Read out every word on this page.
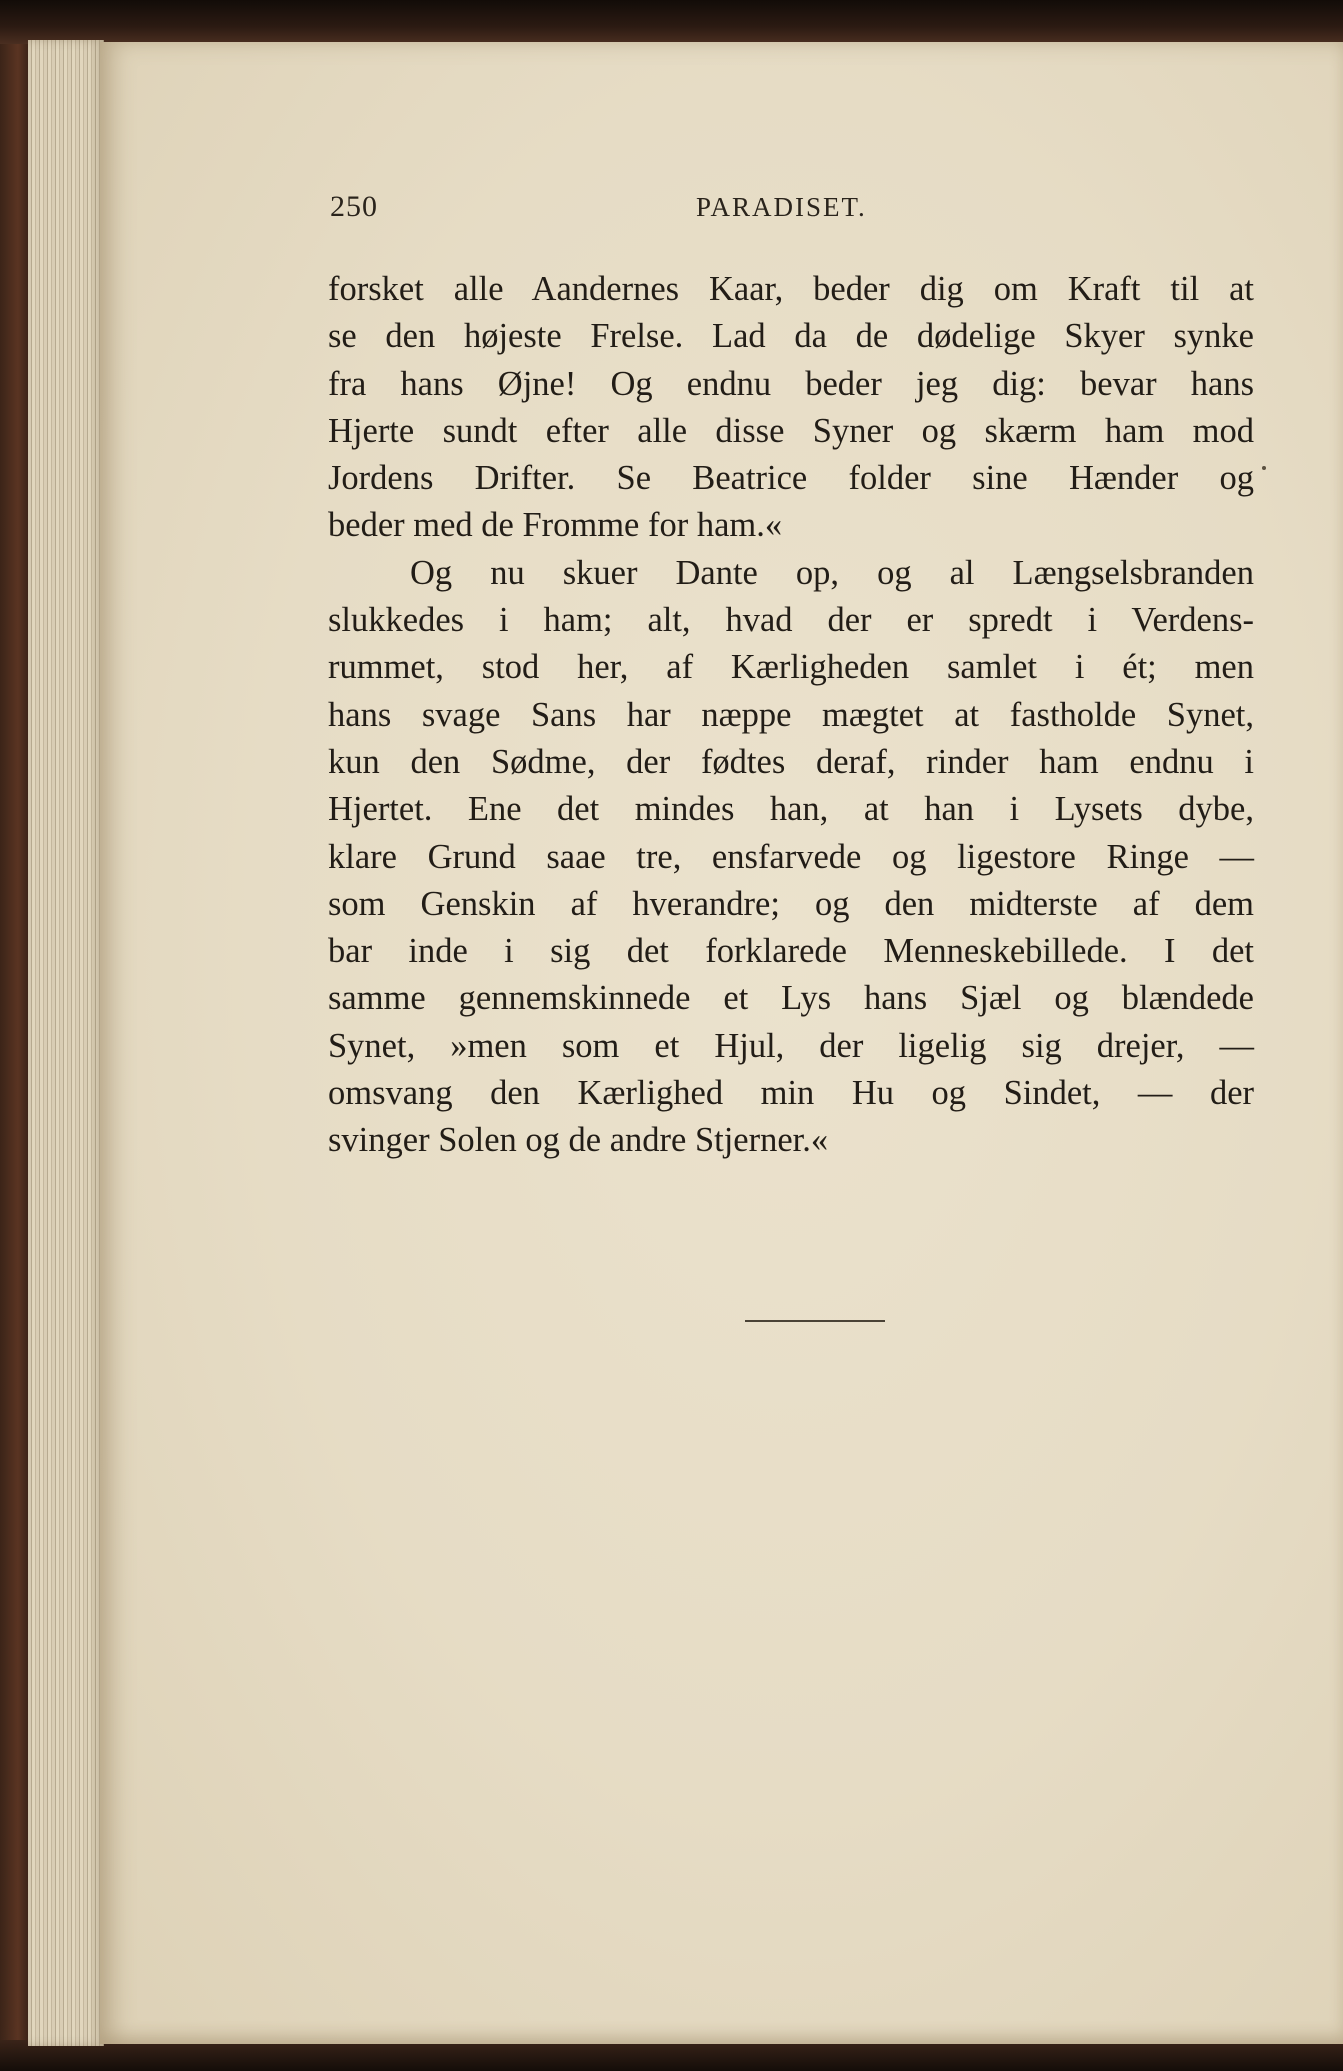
250	PARADISET.
forsket alle Aandernes Kaar, beder dig om Kraft til at
se den højeste Frelse. Lad da de dødelige Skyer synke
fra hans Øjne! Og endnu beder jeg dig: bevar hans
Hjerte sundt efter alle disse Syner og skærm ham mod
Jordens Drifter. Se Beatrice folder sine Hænder og
beder med de Fromme for ham.«
Og nu skuer Dante op, og al Længselsbranden
slukkedes i ham; alt, hvad der er spredt i Verdens-
rummet, stod her, af Kærligheden samlet i ét; men
hans svage Sans har næppe mægtet at fastholde Synet,
kun den Sødme, der fødtes deraf, rinder ham endnu i
Hjertet. Ene det mindes han, at han i Lysets dybe,
klare Grund saae tre, ensfarvede og ligestore Ringe —
som Genskin af hverandre; og den midterste af dem
bar inde i sig det forklarede Menneskebillede. I det
samme gennemskinnede et Lys hans Sjæl og blændede
Synet, »men som et Hjul, der ligelig sig drejer, —
omsvang den Kærlighed min Hu og Sindet, — der
svinger Solen og de andre Stjerner.«
